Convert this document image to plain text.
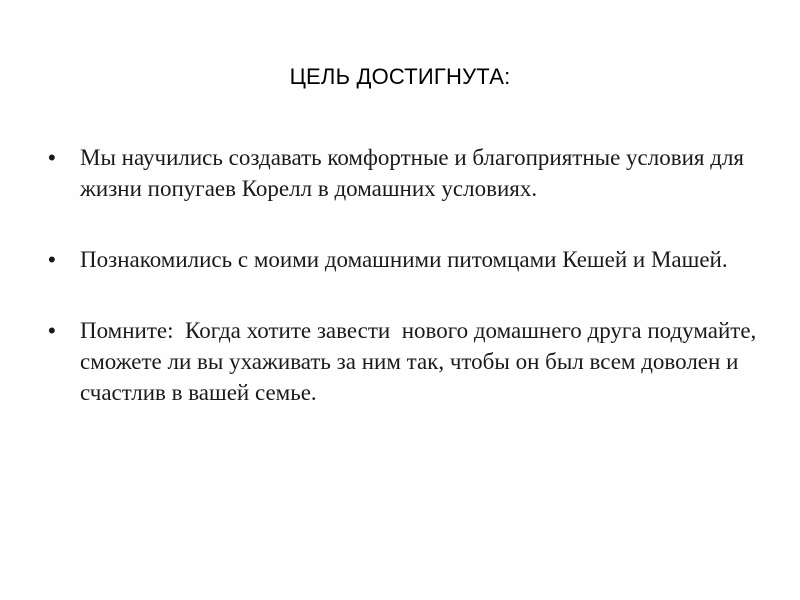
ЦЕЛЬ ДОСТИГНУТА:
•	Мы научились создавать комфортные и благоприятные условия для жизни попугаев Корелл в домашних условиях.
•	Познакомились с моими домашними питомцами Кешей и Машей.
•	Помните:  Когда хотите завести  нового домашнего друга подумайте, сможете ли вы ухаживать за ним так, чтобы он был всем доволен и счастлив в вашей семье.
